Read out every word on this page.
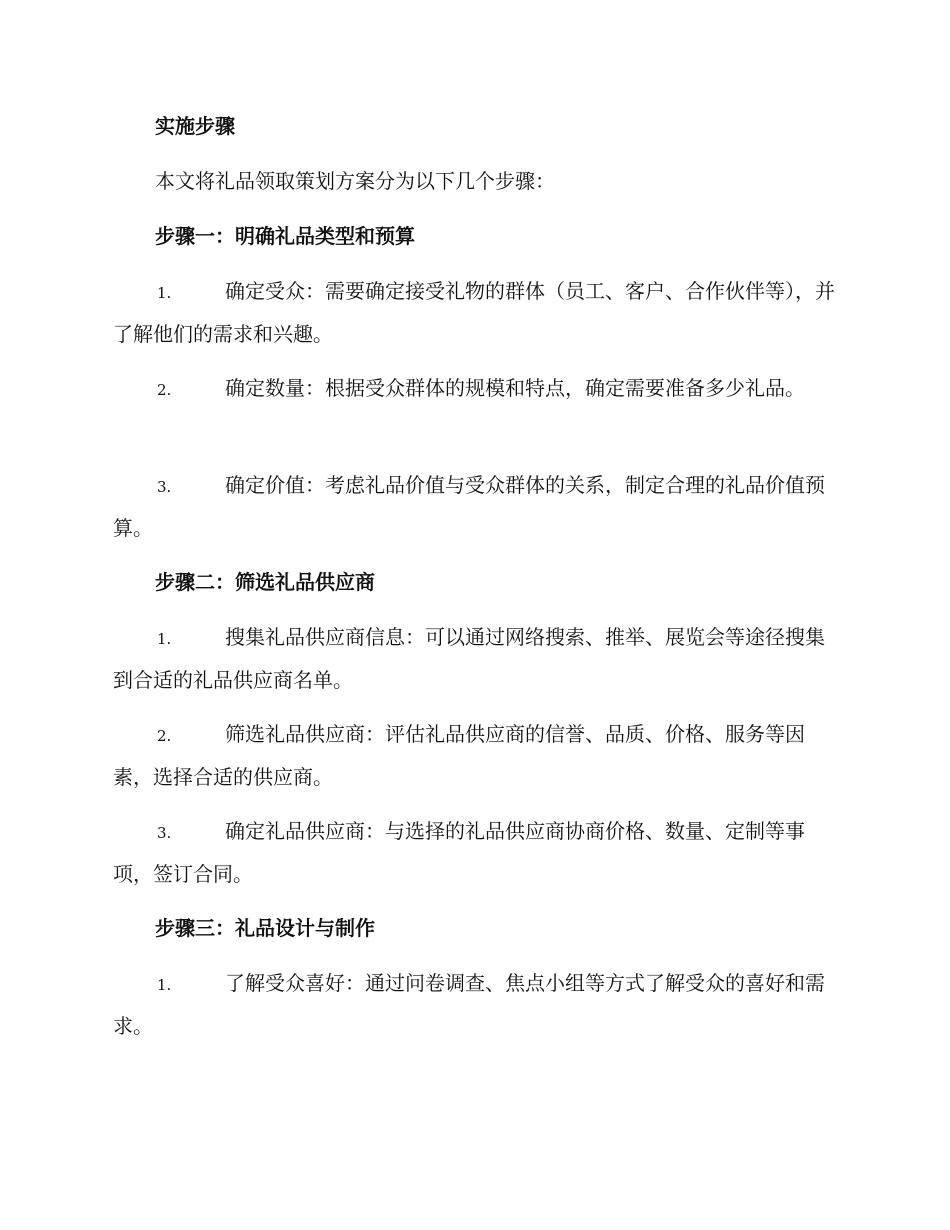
实施步骤
本文将礼品领取策划方案分为以下几个步骤：
步骤一：明确礼品类型和预算
1.	确定受众：需要确定接受礼物的群体（员工、客户、合作伙伴等），并了解他们的需求和兴趣。
2.	确定数量：根据受众群体的规模和特点，确定需要准备多少礼品。
3.	确定价值：考虑礼品价值与受众群体的关系，制定合理的礼品价值预算。
步骤二：筛选礼品供应商
1.	搜集礼品供应商信息：可以通过网络搜索、推举、展览会等途径搜集到合适的礼品供应商名单。
2.	筛选礼品供应商：评估礼品供应商的信誉、品质、价格、服务等因素，选择合适的供应商。
3.	确定礼品供应商：与选择的礼品供应商协商价格、数量、定制等事项，签订合同。
步骤三：礼品设计与制作
1.	了解受众喜好：通过问卷调查、焦点小组等方式了解受众的喜好和需求。
